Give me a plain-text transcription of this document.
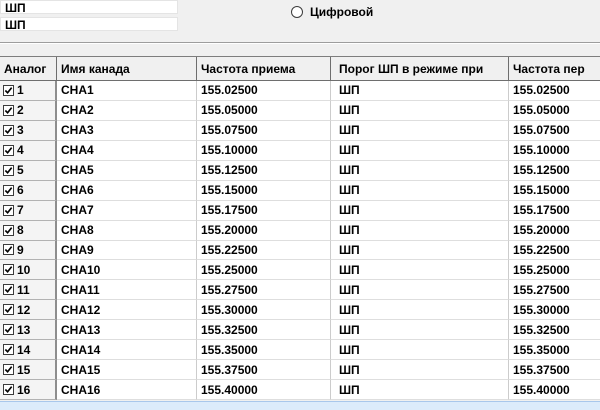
ШП
ШП
Цифровой
Аналог	Имя канада	Частота приема	Порог ШП в режиме при	Частота пер
1	CHA1	155.02500	ШП	155.02500
2	CHA2	155.05000	ШП	155.05000
3	CHA3	155.07500	ШП	155.07500
4	CHA4	155.10000	ШП	155.10000
5	CHA5	155.12500	ШП	155.12500
6	CHA6	155.15000	ШП	155.15000
7	CHA7	155.17500	ШП	155.17500
8	CHA8	155.20000	ШП	155.20000
9	CHA9	155.22500	ШП	155.22500
10	CHA10	155.25000	ШП	155.25000
11	CHA11	155.27500	ШП	155.27500
12	CHA12	155.30000	ШП	155.30000
13	CHA13	155.32500	ШП	155.32500
14	CHA14	155.35000	ШП	155.35000
15	CHA15	155.37500	ШП	155.37500
16	CHA16	155.40000	ШП	155.40000
